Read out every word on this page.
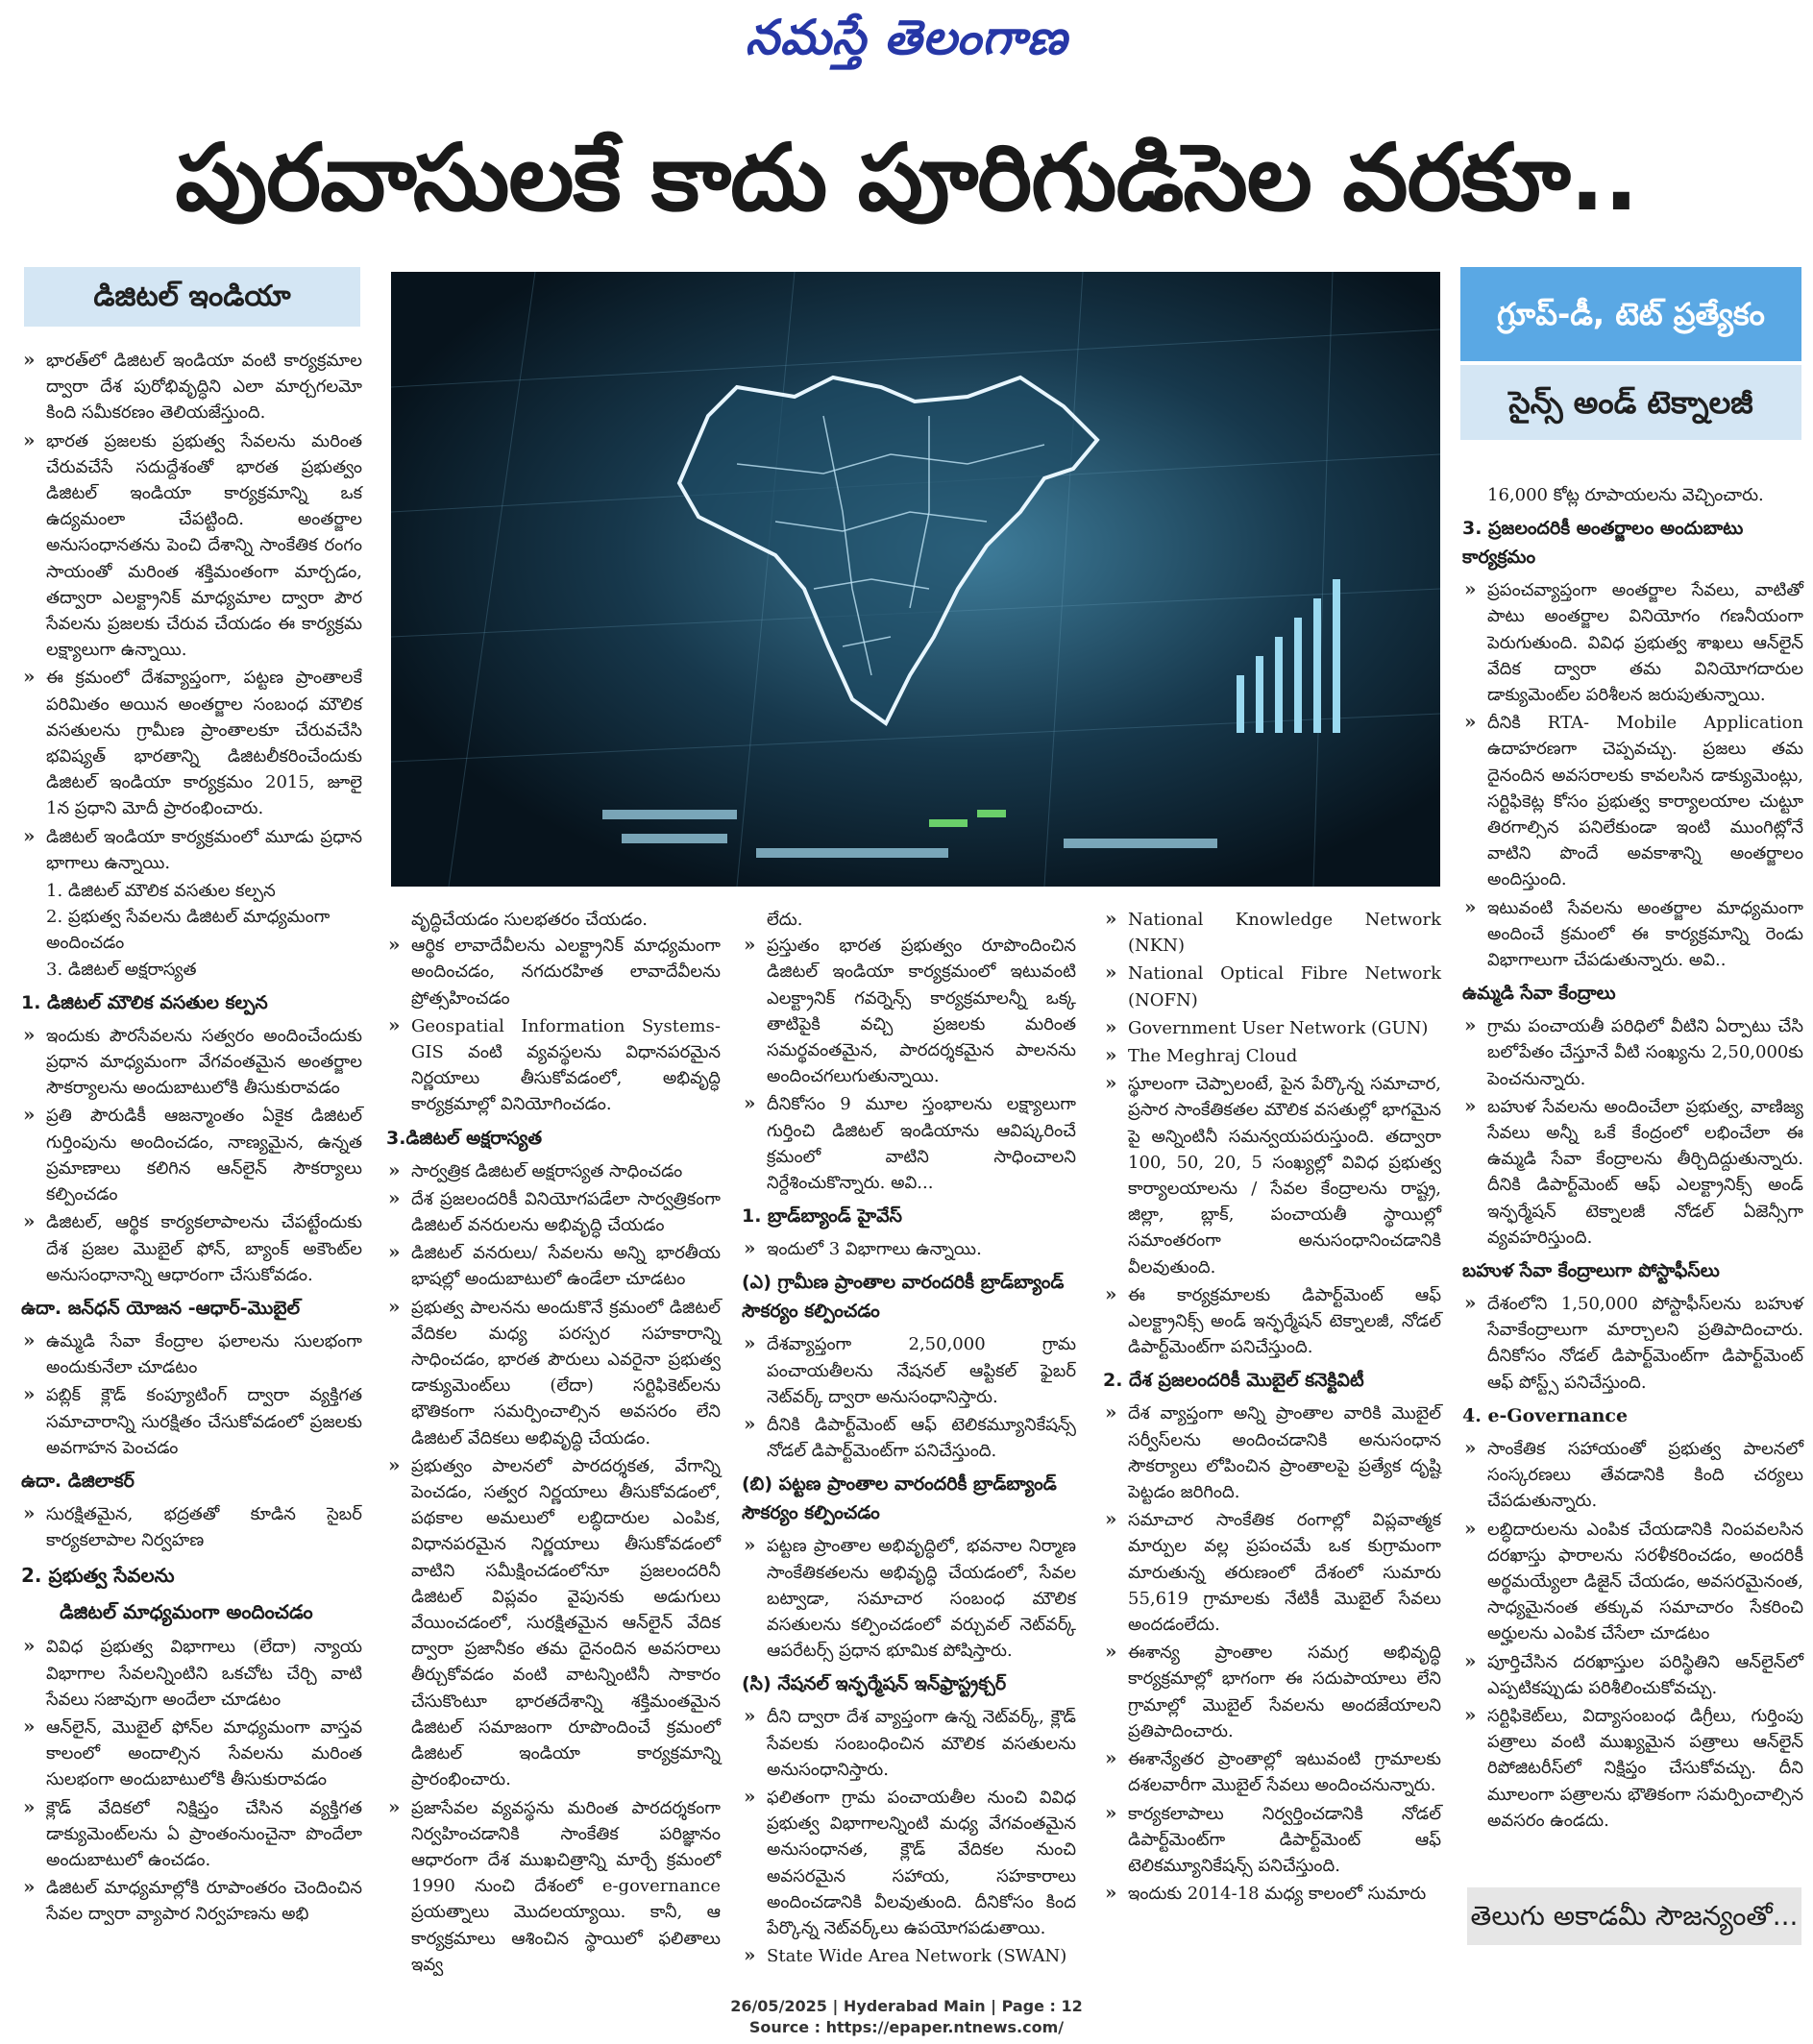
నమస్తే తెలంగాణ
పురవాసులకే కాదు పూరిగుడిసెల వరకూ..
డిజిటల్‌ ఇండియా	గ్రూప్‌-డీ, టెట్‌ ప్రత్యేకం
సైన్స్‌ అండ్‌ టెక్నాలజీ
తెలుగు అకాడమీ సౌజన్యంతో...
» భారత్‌లో డిజిటల్‌ ఇండియా వంటి కార్యక్రమాల ద్వారా దేశ పురోభివృద్ధిని ఎలా మార్చగలమో కింది సమీకరణం తెలియజేస్తుంది.
» భారత ప్రజలకు ప్రభుత్వ సేవలను మరింత చేరువచేసే సదుద్దేశంతో భారత ప్రభుత్వం డిజిటల్‌ ఇండియా కార్యక్రమాన్ని ఒక ఉద్యమంలా చేపట్టింది. అంతర్జాల అనుసంధానతను పెంచి దేశాన్ని సాంకేతిక రంగం సాయంతో మరింత శక్తిమంతంగా మార్చడం, తద్వారా ఎలక్ట్రానిక్‌ మాధ్యమాల ద్వారా పౌర సేవలను ప్రజలకు చేరువ చేయడం ఈ కార్యక్రమ లక్ష్యాలుగా ఉన్నాయి.
» ఈ క్రమంలో దేశవ్యాప్తంగా, పట్టణ ప్రాంతాలకే పరిమితం అయిన అంతర్జాల సంబంధ మౌలిక వసతులను గ్రామీణ ప్రాంతాలకూ చేరువచేసి భవిష్యత్‌ భారతాన్ని డిజిటలీకరించేందుకు డిజిటల్‌ ఇండియా కార్యక్రమం 2015, జూలై 1న ప్రధాని మోదీ ప్రారంభించారు.
» డిజిటల్‌ ఇండియా కార్యక్రమంలో మూడు ప్రధాన భాగాలు ఉన్నాయి.
1. డిజిటల్‌ మౌలిక వసతుల కల్పన
2. ప్రభుత్వ సేవలను డిజిటల్‌ మాధ్యమంగా అందించడం
3. డిజిటల్‌ అక్షరాస్యత
1. డిజిటల్‌ మౌలిక వసతుల కల్పన
» ఇందుకు పౌరసేవలను సత్వరం అందించేందుకు ప్రధాన మాధ్యమంగా వేగవంతమైన అంతర్జాల సౌకర్యాలను అందుబాటులోకి తీసుకురావడం
» ప్రతి పౌరుడికీ ఆజన్మాంతం ఏకైక డిజిటల్‌ గుర్తింపును అందించడం, నాణ్యమైన, ఉన్నత ప్రమాణాలు కలిగిన ఆన్‌లైన్‌ సౌకర్యాలు కల్పించడం
» డిజిటల్‌, ఆర్థిక కార్యకలాపాలను చేపట్టేందుకు దేశ ప్రజల మొబైల్‌ ఫోన్‌, బ్యాంక్‌ అకౌంట్‌ల అనుసంధానాన్ని ఆధారంగా చేసుకోవడం.
ఉదా. జన్‌ధన్‌ యోజన -ఆధార్‌-మొబైల్‌
» ఉమ్మడి సేవా కేంద్రాల ఫలాలను సులభంగా అందుకునేలా చూడటం
» పబ్లిక్‌ క్లౌడ్‌ కంప్యూటింగ్‌ ద్వారా వ్యక్తిగత సమాచారాన్ని సురక్షితం చేసుకోవడంలో ప్రజలకు అవగాహన పెంచడం
ఉదా. డిజిలాకర్‌
» సురక్షితమైన, భద్రతతో కూడిన సైబర్‌ కార్యకలాపాల నిర్వహణ
2. ప్రభుత్వ సేవలను
డిజిటల్‌ మాధ్యమంగా అందించడం
» వివిధ ప్రభుత్వ విభాగాలు (లేదా) న్యాయ విభాగాల సేవలన్నింటిని ఒకచోట చేర్చి వాటి సేవలు సజావుగా అందేలా చూడటం
» ఆన్‌లైన్‌, మొబైల్‌ ఫోన్‌ల మాధ్యమంగా వాస్తవ కాలంలో అందాల్సిన సేవలను మరింత సులభంగా అందుబాటులోకి తీసుకురావడం
» క్లౌడ్‌ వేదికలో నిక్షిప్తం చేసిన వ్యక్తిగత డాక్యుమెంట్‌లను ఏ ప్రాంతంనుంచైనా పొందేలా అందుబాటులో ఉంచడం.
» డిజిటల్‌ మాధ్యమాల్లోకి రూపాంతరం చెందించిన సేవల ద్వారా వ్యాపార నిర్వహణను అభి
వృద్ధిచేయడం సులభతరం చేయడం.
» ఆర్థిక లావాదేవీలను ఎలక్ట్రానిక్‌ మాధ్యమంగా అందించడం, నగదురహిత లావాదేవీలను ప్రోత్సహించడం
» Geospatial Information Systems- GIS వంటి వ్యవస్థలను విధానపరమైన నిర్ణయాలు తీసుకోవడంలో, అభివృద్ధి కార్యక్రమాల్లో వినియోగించడం.
3.డిజిటల్‌ అక్షరాస్యత
» సార్వత్రిక డిజిటల్‌ అక్షరాస్యత సాధించడం
» దేశ ప్రజలందరికీ వినియోగపడేలా సార్వత్రికంగా డిజిటల్‌ వనరులను అభివృద్ధి చేయడం
» డిజిటల్‌ వనరులు/ సేవలను అన్ని భారతీయ భాషల్లో అందుబాటులో ఉండేలా చూడటం
» ప్రభుత్వ పాలనను అందుకొనే క్రమంలో డిజిటల్‌ వేదికల మధ్య పరస్పర సహకారాన్ని సాధించడం, భారత పౌరులు ఎవరైనా ప్రభుత్వ డాక్యుమెంట్‌లు (లేదా) సర్టిఫికెట్‌లను భౌతికంగా సమర్పించాల్సిన అవసరం లేని డిజిటల్‌ వేదికలు అభివృద్ధి చేయడం.
» ప్రభుత్వం పాలనలో పారదర్శకత, వేగాన్ని పెంచడం, సత్వర నిర్ణయాలు తీసుకోవడంలో, పథకాల అమలులో లబ్ధిదారుల ఎంపిక, విధానపరమైన నిర్ణయాలు తీసుకోవడంలో వాటిని సమీక్షించడంలోనూ ప్రజలందరినీ డిజిటల్‌ విప్లవం వైపునకు అడుగులు వేయించడంలో, సురక్షితమైన ఆన్‌లైన్‌ వేదిక ద్వారా ప్రజానీకం తమ దైనందిన అవసరాలు తీర్చుకోవడం వంటి వాటన్నింటినీ సాకారం చేసుకొంటూ భారతదేశాన్ని శక్తిమంతమైన డిజిటల్‌ సమాజంగా రూపొందించే క్రమంలో డిజిటల్‌ ఇండియా కార్యక్రమాన్ని ప్రారంభించారు.
» ప్రజాసేవల వ్యవస్థను మరింత పారదర్శకంగా నిర్వహించడానికి సాంకేతిక పరిజ్ఞానం ఆధారంగా దేశ ముఖచిత్రాన్ని మార్చే క్రమంలో 1990 నుంచి దేశంలో e-governance ప్రయత్నాలు మొదలయ్యాయి. కానీ, ఆ కార్యక్రమాలు ఆశించిన స్థాయిలో ఫలితాలు ఇవ్వ
లేదు.
» ప్రస్తుతం భారత ప్రభుత్వం రూపొందించిన డిజిటల్‌ ఇండియా కార్యక్రమంలో ఇటువంటి ఎలక్ట్రానిక్‌ గవర్నెన్స్‌ కార్యక్రమాలన్నీ ఒక్క తాటిపైకి వచ్చి ప్రజలకు మరింత సమర్థవంతమైన, పారదర్శకమైన పాలనను అందించగలుగుతున్నాయి.
» దీనికోసం 9 మూల స్తంభాలను లక్ష్యాలుగా గుర్తించి డిజిటల్‌ ఇండియాను ఆవిష్కరించే క్రమంలో వాటిని సాధించాలని నిర్దేశించుకొన్నారు. అవి...
1. బ్రాడ్‌బ్యాండ్‌ హైవేస్‌
» ఇందులో 3 విభాగాలు ఉన్నాయి.
(ఎ) గ్రామీణ ప్రాంతాల వారందరికీ బ్రాడ్‌బ్యాండ్‌ సౌకర్యం కల్పించడం
» దేశవ్యాప్తంగా 2,50,000 గ్రామ పంచాయతీలను నేషనల్‌ ఆప్టికల్‌ ఫైబర్‌ నెట్‌వర్క్‌ ద్వారా అనుసంధానిస్తారు.
» దీనికి డిపార్ట్‌మెంట్‌ ఆఫ్‌ టెలికమ్యూనికేషన్స్‌ నోడల్‌ డిపార్ట్‌మెంట్‌గా పనిచేస్తుంది.
(బి) పట్టణ ప్రాంతాల వారందరికీ బ్రాడ్‌బ్యాండ్‌ సౌకర్యం కల్పించడం
» పట్టణ ప్రాంతాల అభివృద్ధిలో, భవనాల నిర్మాణ సాంకేతికతలను అభివృద్ధి చేయడంలో, సేవల బట్వాడా, సమాచార సంబంధ మౌలిక వసతులను కల్పించడంలో వర్చువల్‌ నెట్‌వర్క్‌ ఆపరేటర్స్‌ ప్రధాన భూమిక పోషిస్తారు.
(సి) నేషనల్‌ ఇన్ఫర్మేషన్‌ ఇన్‌ఫ్రాస్ట్రక్చర్‌
» దీని ద్వారా దేశ వ్యాప్తంగా ఉన్న నెట్‌వర్క్‌, క్లౌడ్‌ సేవలకు సంబంధించిన మౌలిక వసతులను అనుసంధానిస్తారు.
» ఫలితంగా గ్రామ పంచాయతీల నుంచి వివిధ ప్రభుత్వ విభాగాలన్నింటి మధ్య వేగవంతమైన అనుసంధానత, క్లౌడ్‌ వేదికల నుంచి అవసరమైన సహాయ, సహకారాలు అందించడానికి వీలవుతుంది. దీనికోసం కింద పేర్కొన్న నెట్‌వర్క్‌లు ఉపయోగపడుతాయి.
» State Wide Area Network (SWAN)
» National Knowledge Network (NKN)
» National Optical Fibre Network (NOFN)
» Government User Network (GUN)
» The Meghraj Cloud
» స్థూలంగా చెప్పాలంటే, పైన పేర్కొన్న సమాచార, ప్రసార సాంకేతికతల మౌలిక వసతుల్లో భాగమైన పై అన్నింటినీ సమన్వయపరుస్తుంది. తద్వారా 100, 50, 20, 5 సంఖ్యల్లో వివిధ ప్రభుత్వ కార్యాలయాలను / సేవల కేంద్రాలను రాష్ట్ర, జిల్లా, బ్లాక్‌, పంచాయతీ స్థాయిల్లో సమాంతరంగా అనుసంధానించడానికి వీలవుతుంది.
» ఈ కార్యక్రమాలకు డిపార్ట్‌మెంట్‌ ఆఫ్‌ ఎలక్ట్రానిక్స్‌ అండ్‌ ఇన్ఫర్మేషన్‌ టెక్నాలజీ, నోడల్‌ డిపార్ట్‌మెంట్‌గా పనిచేస్తుంది.
2. దేశ ప్రజలందరికీ మొబైల్‌ కనెక్టివిటీ
» దేశ వ్యాప్తంగా అన్ని ప్రాంతాల వారికి మొబైల్‌ సర్వీస్‌లను అందించడానికి అనుసంధాన సౌకర్యాలు లోపించిన ప్రాంతాలపై ప్రత్యేక దృష్టి పెట్టడం జరిగింది.
» సమాచార సాంకేతిక రంగాల్లో విప్లవాత్మక మార్పుల వల్ల ప్రపంచమే ఒక కుగ్రామంగా మారుతున్న తరుణంలో దేశంలో సుమారు 55,619 గ్రామాలకు నేటికీ మొబైల్‌ సేవలు అందడంలేదు.
» ఈశాన్య ప్రాంతాల సమగ్ర అభివృద్ధి కార్యక్రమాల్లో భాగంగా ఈ సదుపాయాలు లేని గ్రామాల్లో మొబైల్‌ సేవలను అందజేయాలని ప్రతిపాదించారు.
» ఈశాన్యేతర ప్రాంతాల్లో ఇటువంటి గ్రామాలకు దశలవారీగా మొబైల్‌ సేవలు అందించనున్నారు.
» కార్యకలాపాలు నిర్వర్తించడానికి నోడల్‌ డిపార్ట్‌మెంట్‌గా డిపార్ట్‌మెంట్‌ ఆఫ్‌ టెలికమ్యూనికేషన్స్‌ పనిచేస్తుంది.
» ఇందుకు 2014-18 మధ్య కాలంలో సుమారు
16,000 కోట్ల రూపాయలను వెచ్చించారు.
3. ప్రజలందరికీ అంతర్జాలం అందుబాటు కార్యక్రమం
» ప్రపంచవ్యాప్తంగా అంతర్జాల సేవలు, వాటితో పాటు అంతర్జాల వినియోగం గణనీయంగా పెరుగుతుంది. వివిధ ప్రభుత్వ శాఖలు ఆన్‌లైన్‌ వేదిక ద్వారా తమ వినియోగదారుల డాక్యుమెంట్‌ల పరిశీలన జరుపుతున్నాయి.
» దీనికి RTA- Mobile Application ఉదాహరణగా చెప్పవచ్చు. ప్రజలు తమ దైనందిన అవసరాలకు కావలసిన డాక్యుమెంట్లు, సర్టిఫికెట్ల కోసం ప్రభుత్వ కార్యాలయాల చుట్టూ తిరగాల్సిన పనిలేకుండా ఇంటి ముంగిట్లోనే వాటిని పొందే అవకాశాన్ని అంతర్జాలం అందిస్తుంది.
» ఇటువంటి సేవలను అంతర్జాల మాధ్యమంగా అందించే క్రమంలో ఈ కార్యక్రమాన్ని రెండు విభాగాలుగా చేపడుతున్నారు. అవి..
ఉమ్మడి సేవా కేంద్రాలు
» గ్రామ పంచాయతీ పరిధిలో వీటిని ఏర్పాటు చేసి బలోపేతం చేస్తూనే వీటి సంఖ్యను 2,50,000కు పెంచనున్నారు.
» బహుళ సేవలను అందించేలా ప్రభుత్వ, వాణిజ్య సేవలు అన్నీ ఒకే కేంద్రంలో లభించేలా ఈ ఉమ్మడి సేవా కేంద్రాలను తీర్చిదిద్దుతున్నారు. దీనికి డిపార్ట్‌మెంట్‌ ఆఫ్‌ ఎలక్ట్రానిక్స్‌ అండ్‌ ఇన్ఫర్మేషన్‌ టెక్నాలజీ నోడల్‌ ఏజెన్సీగా వ్యవహరిస్తుంది.
బహుళ సేవా కేంద్రాలుగా పోస్టాఫీస్‌లు
» దేశంలోని 1,50,000 పోస్టాఫీస్‌లను బహుళ సేవాకేంద్రాలుగా మార్చాలని ప్రతిపాదించారు. దీనికోసం నోడల్‌ డిపార్ట్‌మెంట్‌గా డిపార్ట్‌మెంట్‌ ఆఫ్‌ పోస్ట్స్‌ పనిచేస్తుంది.
4. e-Governance
» సాంకేతిక సహాయంతో ప్రభుత్వ పాలనలో సంస్కరణలు తేవడానికి కింది చర్యలు చేపడుతున్నారు.
» లబ్ధిదారులను ఎంపిక చేయడానికి నింపవలసిన దరఖాస్తు ఫారాలను సరళీకరించడం, అందరికీ అర్థమయ్యేలా డిజైన్‌ చేయడం, అవసరమైనంత, సాధ్యమైనంత తక్కువ సమాచారం సేకరించి అర్హులను ఎంపిక చేసేలా చూడటం
» పూర్తిచేసిన దరఖాస్తుల పరిస్థితిని ఆన్‌లైన్‌లో ఎప్పటికప్పుడు పరిశీలించుకోవచ్చు.
» సర్టిఫికెట్‌లు, విద్యాసంబంధ డిగ్రీలు, గుర్తింపు పత్రాలు వంటి ముఖ్యమైన పత్రాలు ఆన్‌లైన్‌ రిపోజిటరీస్‌లో నిక్షిప్తం చేసుకోవచ్చు. దీని మూలంగా పత్రాలను భౌతికంగా సమర్పించాల్సిన అవసరం ఉండదు.
26/05/2025 | Hyderabad Main | Page : 12
Source : https://epaper.ntnews.com/
